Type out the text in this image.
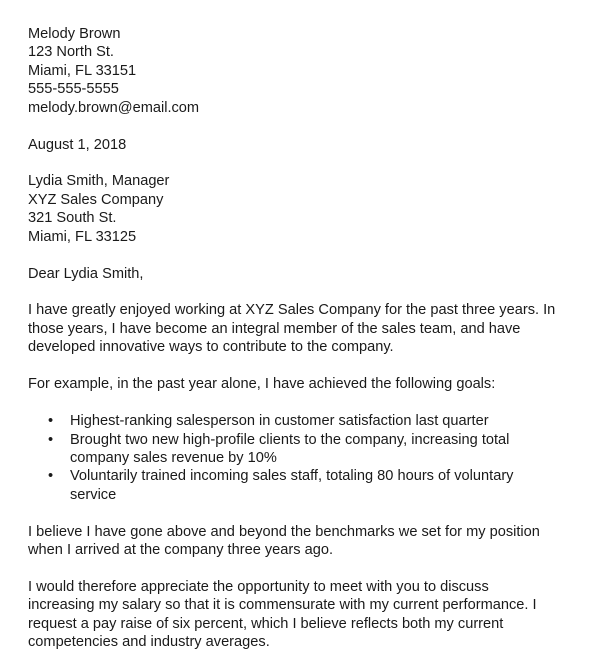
Melody Brown
123 North St.
Miami, FL 33151
555-555-5555
melody.brown@email.com
August 1, 2018
Lydia Smith, Manager
XYZ Sales Company
321 South St.
Miami, FL 33125
Dear Lydia Smith,
I have greatly enjoyed working at XYZ Sales Company for the past three years. In
those years, I have become an integral member of the sales team, and have
developed innovative ways to contribute to the company.
For example, in the past year alone, I have achieved the following goals:
• Highest-ranking salesperson in customer satisfaction last quarter
• Brought two new high-profile clients to the company, increasing total
company sales revenue by 10%
• Voluntarily trained incoming sales staff, totaling 80 hours of voluntary
service
I believe I have gone above and beyond the benchmarks we set for my position
when I arrived at the company three years ago.
I would therefore appreciate the opportunity to meet with you to discuss
increasing my salary so that it is commensurate with my current performance. I
request a pay raise of six percent, which I believe reflects both my current
competencies and industry averages.
